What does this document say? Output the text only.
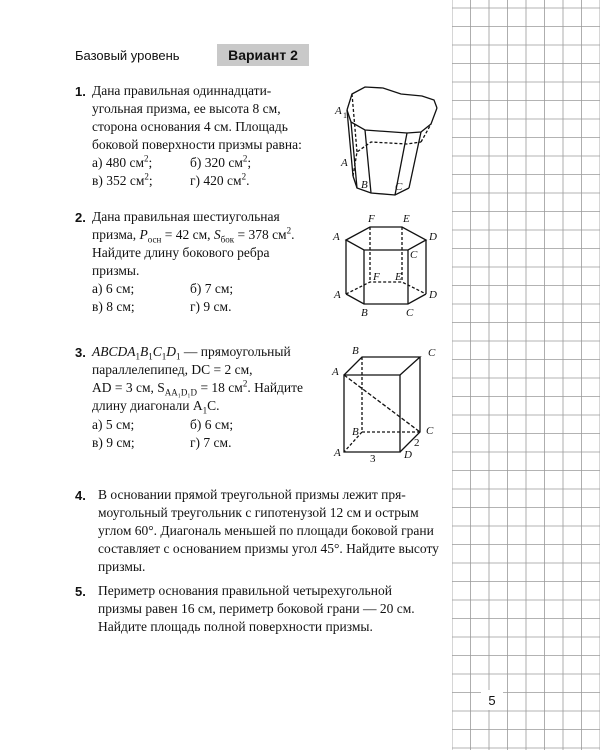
Базовый уровень	Вариант 2
1. Дана правильная одиннадцати-
угольная призма, ее высота 8 см,
сторона основания 4 см. Площадь
боковой поверхности призмы равна:
а) 480 $см^2$;	б) 320 $см^2$;
в) 352 $см^2$;	г) 420 $см^2$.
A 1
A
B C
2. Дана правильная шестиугольная
призма, $P_{осн} = 42$ см, $S_{бок} = 378$ $см^2$.
Найдите длину бокового ребра
призмы.
а) 6 см;	б) 7 см;
в) 8 см;	г) 9 см.
F	E
A	D
C
F E
A	D
B	C
3. $ABCDA_1B_1C_1D_1$ — прямоугольный
параллелепипед, DC = 2 см,
AD = 3 см, $S_{AA_1D_1D} = 18$ $см^2$. Найдите
длину диагонали $A_1C$.
а) 5 см;	б) 6 см;
в) 9 см;	г) 7 см.
B	C
A
B	C
A	D
3
2
4. В основании прямой треугольной призмы лежит пря-
моугольный треугольник с гипотенузой 12 см и острым
углом 60°. Диагональ меньшей по площади боковой грани
составляет с основанием призмы угол 45°. Найдите высоту
призмы.
5. Периметр основания правильной четырехугольной
призмы равен 16 см, периметр боковой грани — 20 см.
Найдите площадь полной поверхности призмы.
5
